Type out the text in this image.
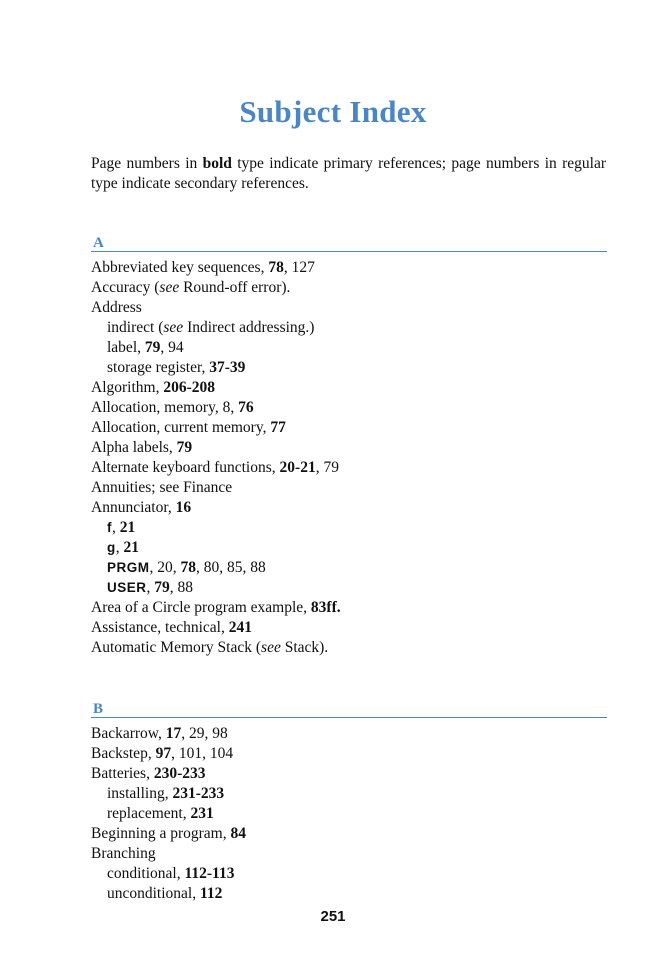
Subject Index
Page numbers in bold type indicate primary references; page numbers in regular type indicate secondary references.
A
Abbreviated key sequences, 78, 127
Accuracy (see Round-off error).
Address
indirect (see Indirect addressing.)
label, 79, 94
storage register, 37-39
Algorithm, 206-208
Allocation, memory, 8, 76
Allocation, current memory, 77
Alpha labels, 79
Alternate keyboard functions, 20-21, 79
Annuities; see Finance
Annunciator, 16
f, 21
g, 21
PRGM, 20, 78, 80, 85, 88
USER, 79, 88
Area of a Circle program example, 83ff.
Assistance, technical, 241
Automatic Memory Stack (see Stack).
B
Backarrow, 17, 29, 98
Backstep, 97, 101, 104
Batteries, 230-233
installing, 231-233
replacement, 231
Beginning a program, 84
Branching
conditional, 112-113
unconditional, 112
251
